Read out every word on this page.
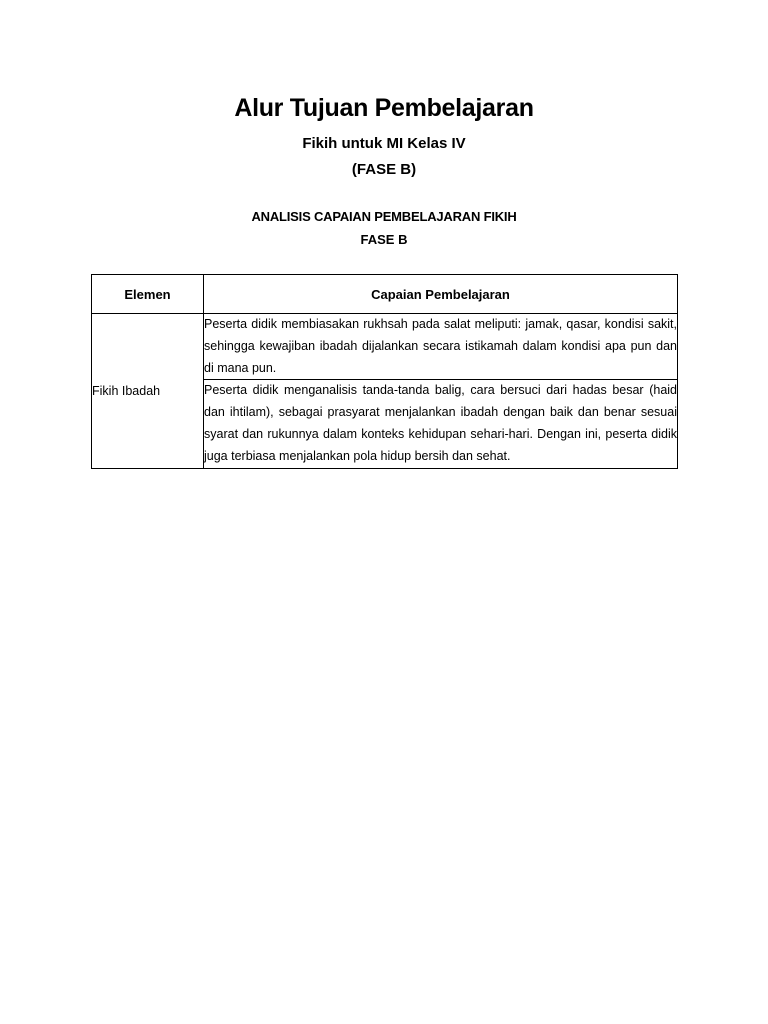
Alur Tujuan Pembelajaran
Fikih untuk MI Kelas IV
(FASE B)
ANALISIS CAPAIAN PEMBELAJARAN FIKIH
FASE B
Elemen	Capaian Pembelajaran
Fikih Ibadah	Peserta didik membiasakan rukhsah pada salat meliputi: jamak, qasar, kondisi sakit, sehingga kewajiban ibadah dijalankan secara istikamah dalam kondisi apa pun dan di mana pun.
	Peserta didik menganalisis tanda-tanda balig, cara bersuci dari hadas besar (haid dan ihtilam), sebagai prasyarat menjalankan ibadah dengan baik dan benar sesuai syarat dan rukunnya dalam konteks kehidupan sehari-hari. Dengan ini, peserta didik juga terbiasa menjalankan pola hidup bersih dan sehat.
